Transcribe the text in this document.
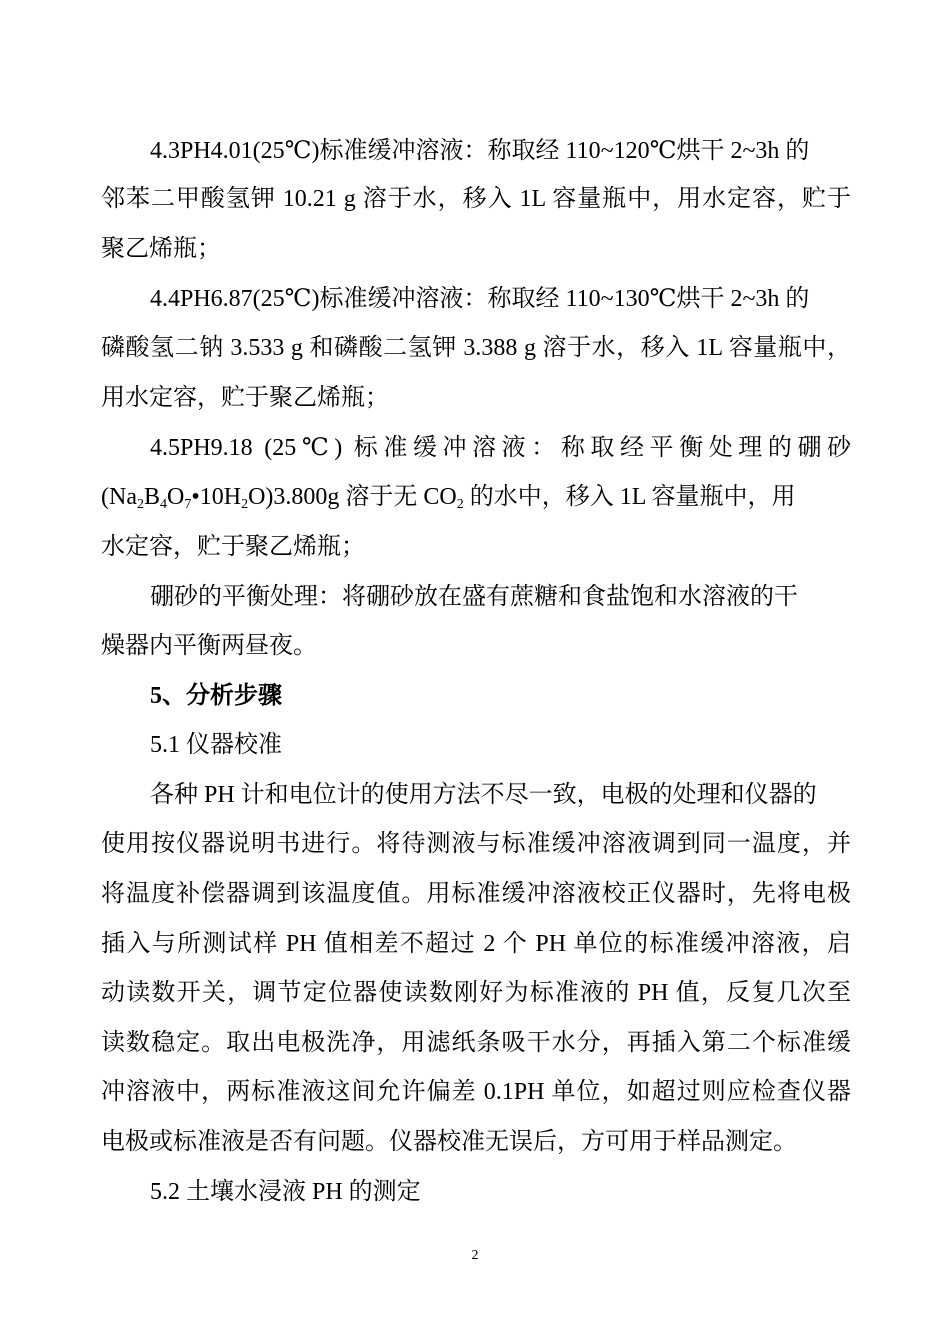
4.3PH4.01(25℃)标准缓冲溶液：称取经 110~120℃烘干 2~3h 的
邻苯二甲酸氢钾 10.21 g 溶于水，移入 1L 容量瓶中，用水定容，贮于
聚乙烯瓶；
4.4PH6.87(25℃)标准缓冲溶液：称取经 110~130℃烘干 2~3h 的
磷酸氢二钠 3.533 g 和磷酸二氢钾 3.388 g 溶于水，移入 1L 容量瓶中，
用水定容，贮于聚乙烯瓶；
4.5PH9.18 (25℃) 标准缓冲溶液：称取经平衡处理的硼砂
$(Na_2B_4O_7•10H_2O)3.800g$ 溶于无 $CO_2$ 的水中，移入 1L 容量瓶中，用
水定容，贮于聚乙烯瓶；
硼砂的平衡处理：将硼砂放在盛有蔗糖和食盐饱和水溶液的干
燥器内平衡两昼夜。
5、分析步骤
5.1 仪器校准
各种 PH 计和电位计的使用方法不尽一致，电极的处理和仪器的
使用按仪器说明书进行。将待测液与标准缓冲溶液调到同一温度，并
将温度补偿器调到该温度值。用标准缓冲溶液校正仪器时，先将电极
插入与所测试样 PH 值相差不超过 2 个 PH 单位的标准缓冲溶液，启
动读数开关，调节定位器使读数刚好为标准液的 PH 值，反复几次至
读数稳定。取出电极洗净，用滤纸条吸干水分，再插入第二个标准缓
冲溶液中，两标准液这间允许偏差 0.1PH 单位，如超过则应检查仪器
电极或标准液是否有问题。仪器校准无误后，方可用于样品测定。
5.2 土壤水浸液 PH 的测定
2
